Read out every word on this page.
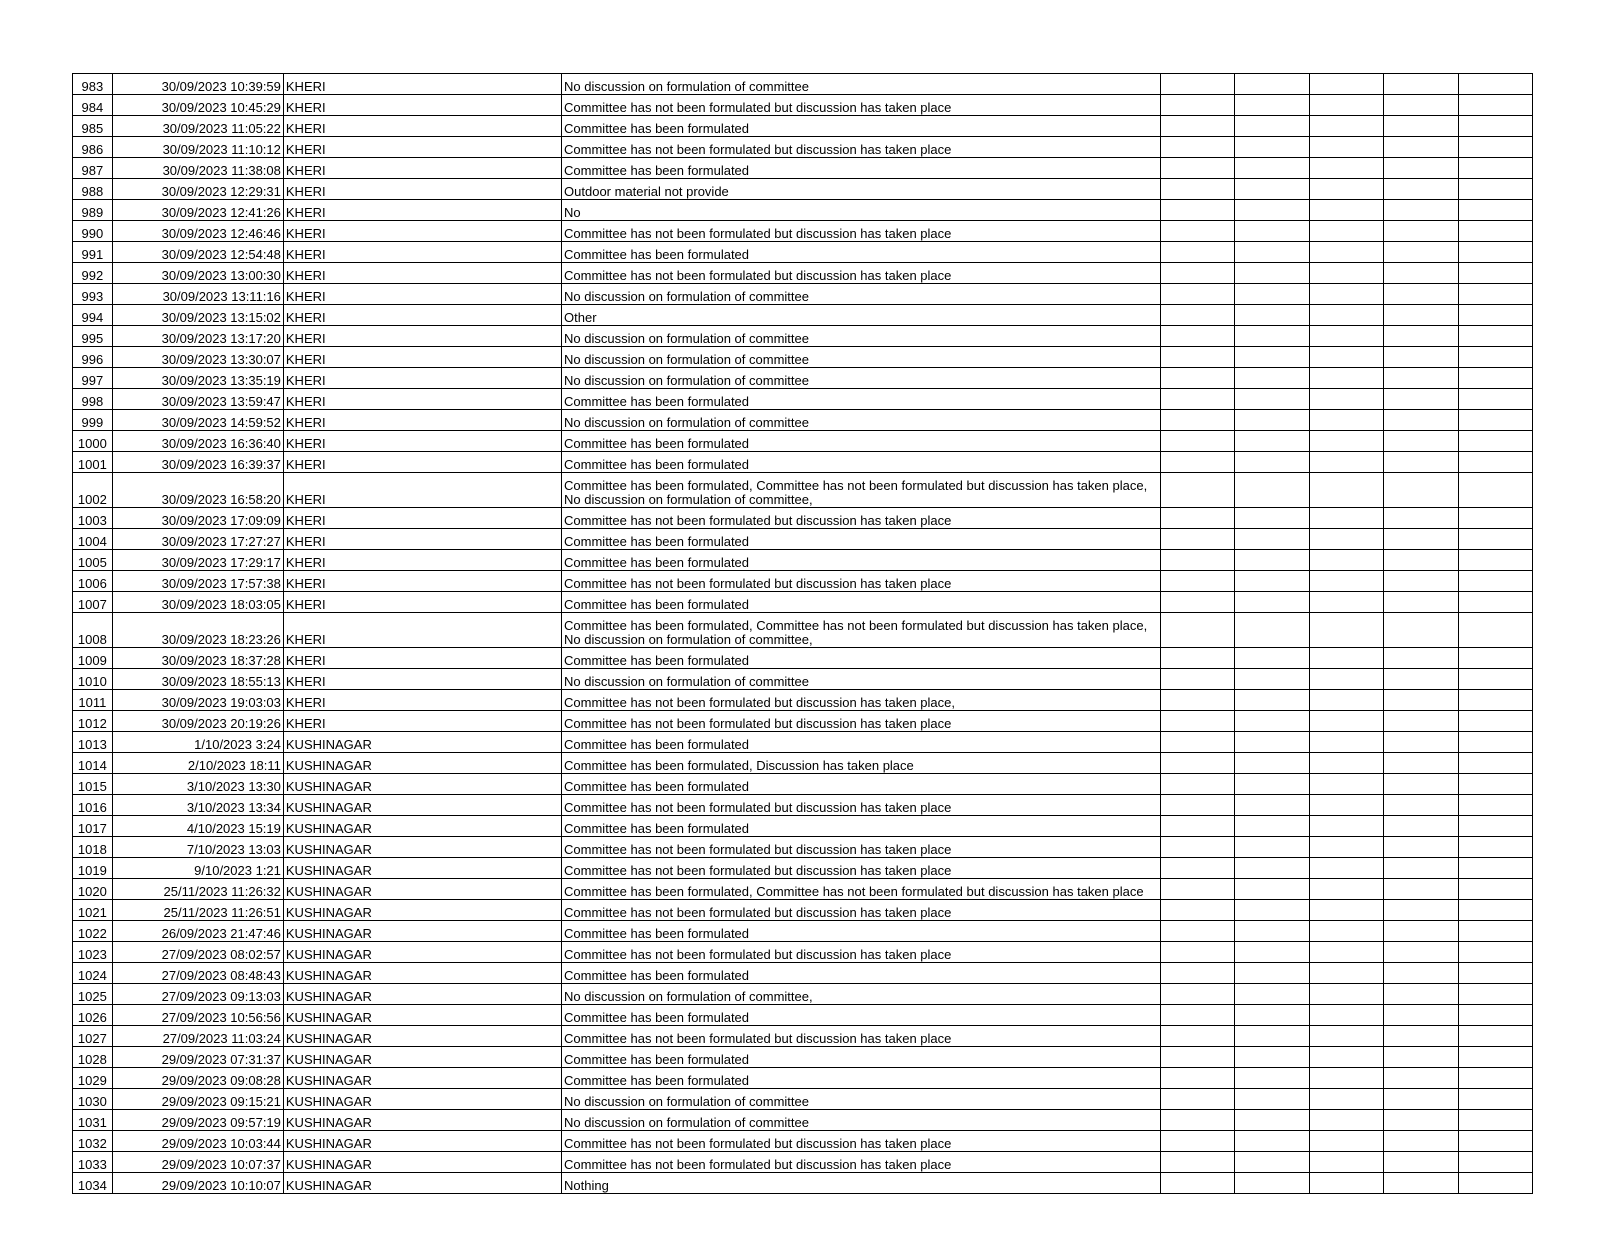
983	30/09/2023 10:39:59	KHERI	No discussion on formulation of committee					
984	30/09/2023 10:45:29	KHERI	Committee has not been formulated but discussion has taken place					
985	30/09/2023 11:05:22	KHERI	Committee has been formulated					
986	30/09/2023 11:10:12	KHERI	Committee has not been formulated but discussion has taken place					
987	30/09/2023 11:38:08	KHERI	Committee has been formulated					
988	30/09/2023 12:29:31	KHERI	Outdoor material not provide					
989	30/09/2023 12:41:26	KHERI	No					
990	30/09/2023 12:46:46	KHERI	Committee has not been formulated but discussion has taken place					
991	30/09/2023 12:54:48	KHERI	Committee has been formulated					
992	30/09/2023 13:00:30	KHERI	Committee has not been formulated but discussion has taken place					
993	30/09/2023 13:11:16	KHERI	No discussion on formulation of committee					
994	30/09/2023 13:15:02	KHERI	Other					
995	30/09/2023 13:17:20	KHERI	No discussion on formulation of committee					
996	30/09/2023 13:30:07	KHERI	No discussion on formulation of committee					
997	30/09/2023 13:35:19	KHERI	No discussion on formulation of committee					
998	30/09/2023 13:59:47	KHERI	Committee has been formulated					
999	30/09/2023 14:59:52	KHERI	No discussion on formulation of committee					
1000	30/09/2023 16:36:40	KHERI	Committee has been formulated					
1001	30/09/2023 16:39:37	KHERI	Committee has been formulated					
1002	30/09/2023 16:58:20	KHERI	Committee has been formulated, Committee has not been formulated but discussion has taken place, No discussion on formulation of committee,					
1003	30/09/2023 17:09:09	KHERI	Committee has not been formulated but discussion has taken place					
1004	30/09/2023 17:27:27	KHERI	Committee has been formulated					
1005	30/09/2023 17:29:17	KHERI	Committee has been formulated					
1006	30/09/2023 17:57:38	KHERI	Committee has not been formulated but discussion has taken place					
1007	30/09/2023 18:03:05	KHERI	Committee has been formulated					
1008	30/09/2023 18:23:26	KHERI	Committee has been formulated, Committee has not been formulated but discussion has taken place, No discussion on formulation of committee,					
1009	30/09/2023 18:37:28	KHERI	Committee has been formulated					
1010	30/09/2023 18:55:13	KHERI	No discussion on formulation of committee					
1011	30/09/2023 19:03:03	KHERI	Committee has not been formulated but discussion has taken place,					
1012	30/09/2023 20:19:26	KHERI	Committee has not been formulated but discussion has taken place					
1013	1/10/2023 3:24	KUSHINAGAR	Committee has been formulated					
1014	2/10/2023 18:11	KUSHINAGAR	Committee has been formulated, Discussion has taken place					
1015	3/10/2023 13:30	KUSHINAGAR	Committee has been formulated					
1016	3/10/2023 13:34	KUSHINAGAR	Committee has not been formulated but discussion has taken place					
1017	4/10/2023 15:19	KUSHINAGAR	Committee has been formulated					
1018	7/10/2023 13:03	KUSHINAGAR	Committee has not been formulated but discussion has taken place					
1019	9/10/2023 1:21	KUSHINAGAR	Committee has not been formulated but discussion has taken place					
1020	25/11/2023 11:26:32	KUSHINAGAR	Committee has been formulated, Committee has not been formulated but discussion has taken place					
1021	25/11/2023 11:26:51	KUSHINAGAR	Committee has not been formulated but discussion has taken place					
1022	26/09/2023 21:47:46	KUSHINAGAR	Committee has been formulated					
1023	27/09/2023 08:02:57	KUSHINAGAR	Committee has not been formulated but discussion has taken place					
1024	27/09/2023 08:48:43	KUSHINAGAR	Committee has been formulated					
1025	27/09/2023 09:13:03	KUSHINAGAR	No discussion on formulation of committee,					
1026	27/09/2023 10:56:56	KUSHINAGAR	Committee has been formulated					
1027	27/09/2023 11:03:24	KUSHINAGAR	Committee has not been formulated but discussion has taken place					
1028	29/09/2023 07:31:37	KUSHINAGAR	Committee has been formulated					
1029	29/09/2023 09:08:28	KUSHINAGAR	Committee has been formulated					
1030	29/09/2023 09:15:21	KUSHINAGAR	No discussion on formulation of committee					
1031	29/09/2023 09:57:19	KUSHINAGAR	No discussion on formulation of committee					
1032	29/09/2023 10:03:44	KUSHINAGAR	Committee has not been formulated but discussion has taken place					
1033	29/09/2023 10:07:37	KUSHINAGAR	Committee has not been formulated but discussion has taken place					
1034	29/09/2023 10:10:07	KUSHINAGAR	Nothing					
